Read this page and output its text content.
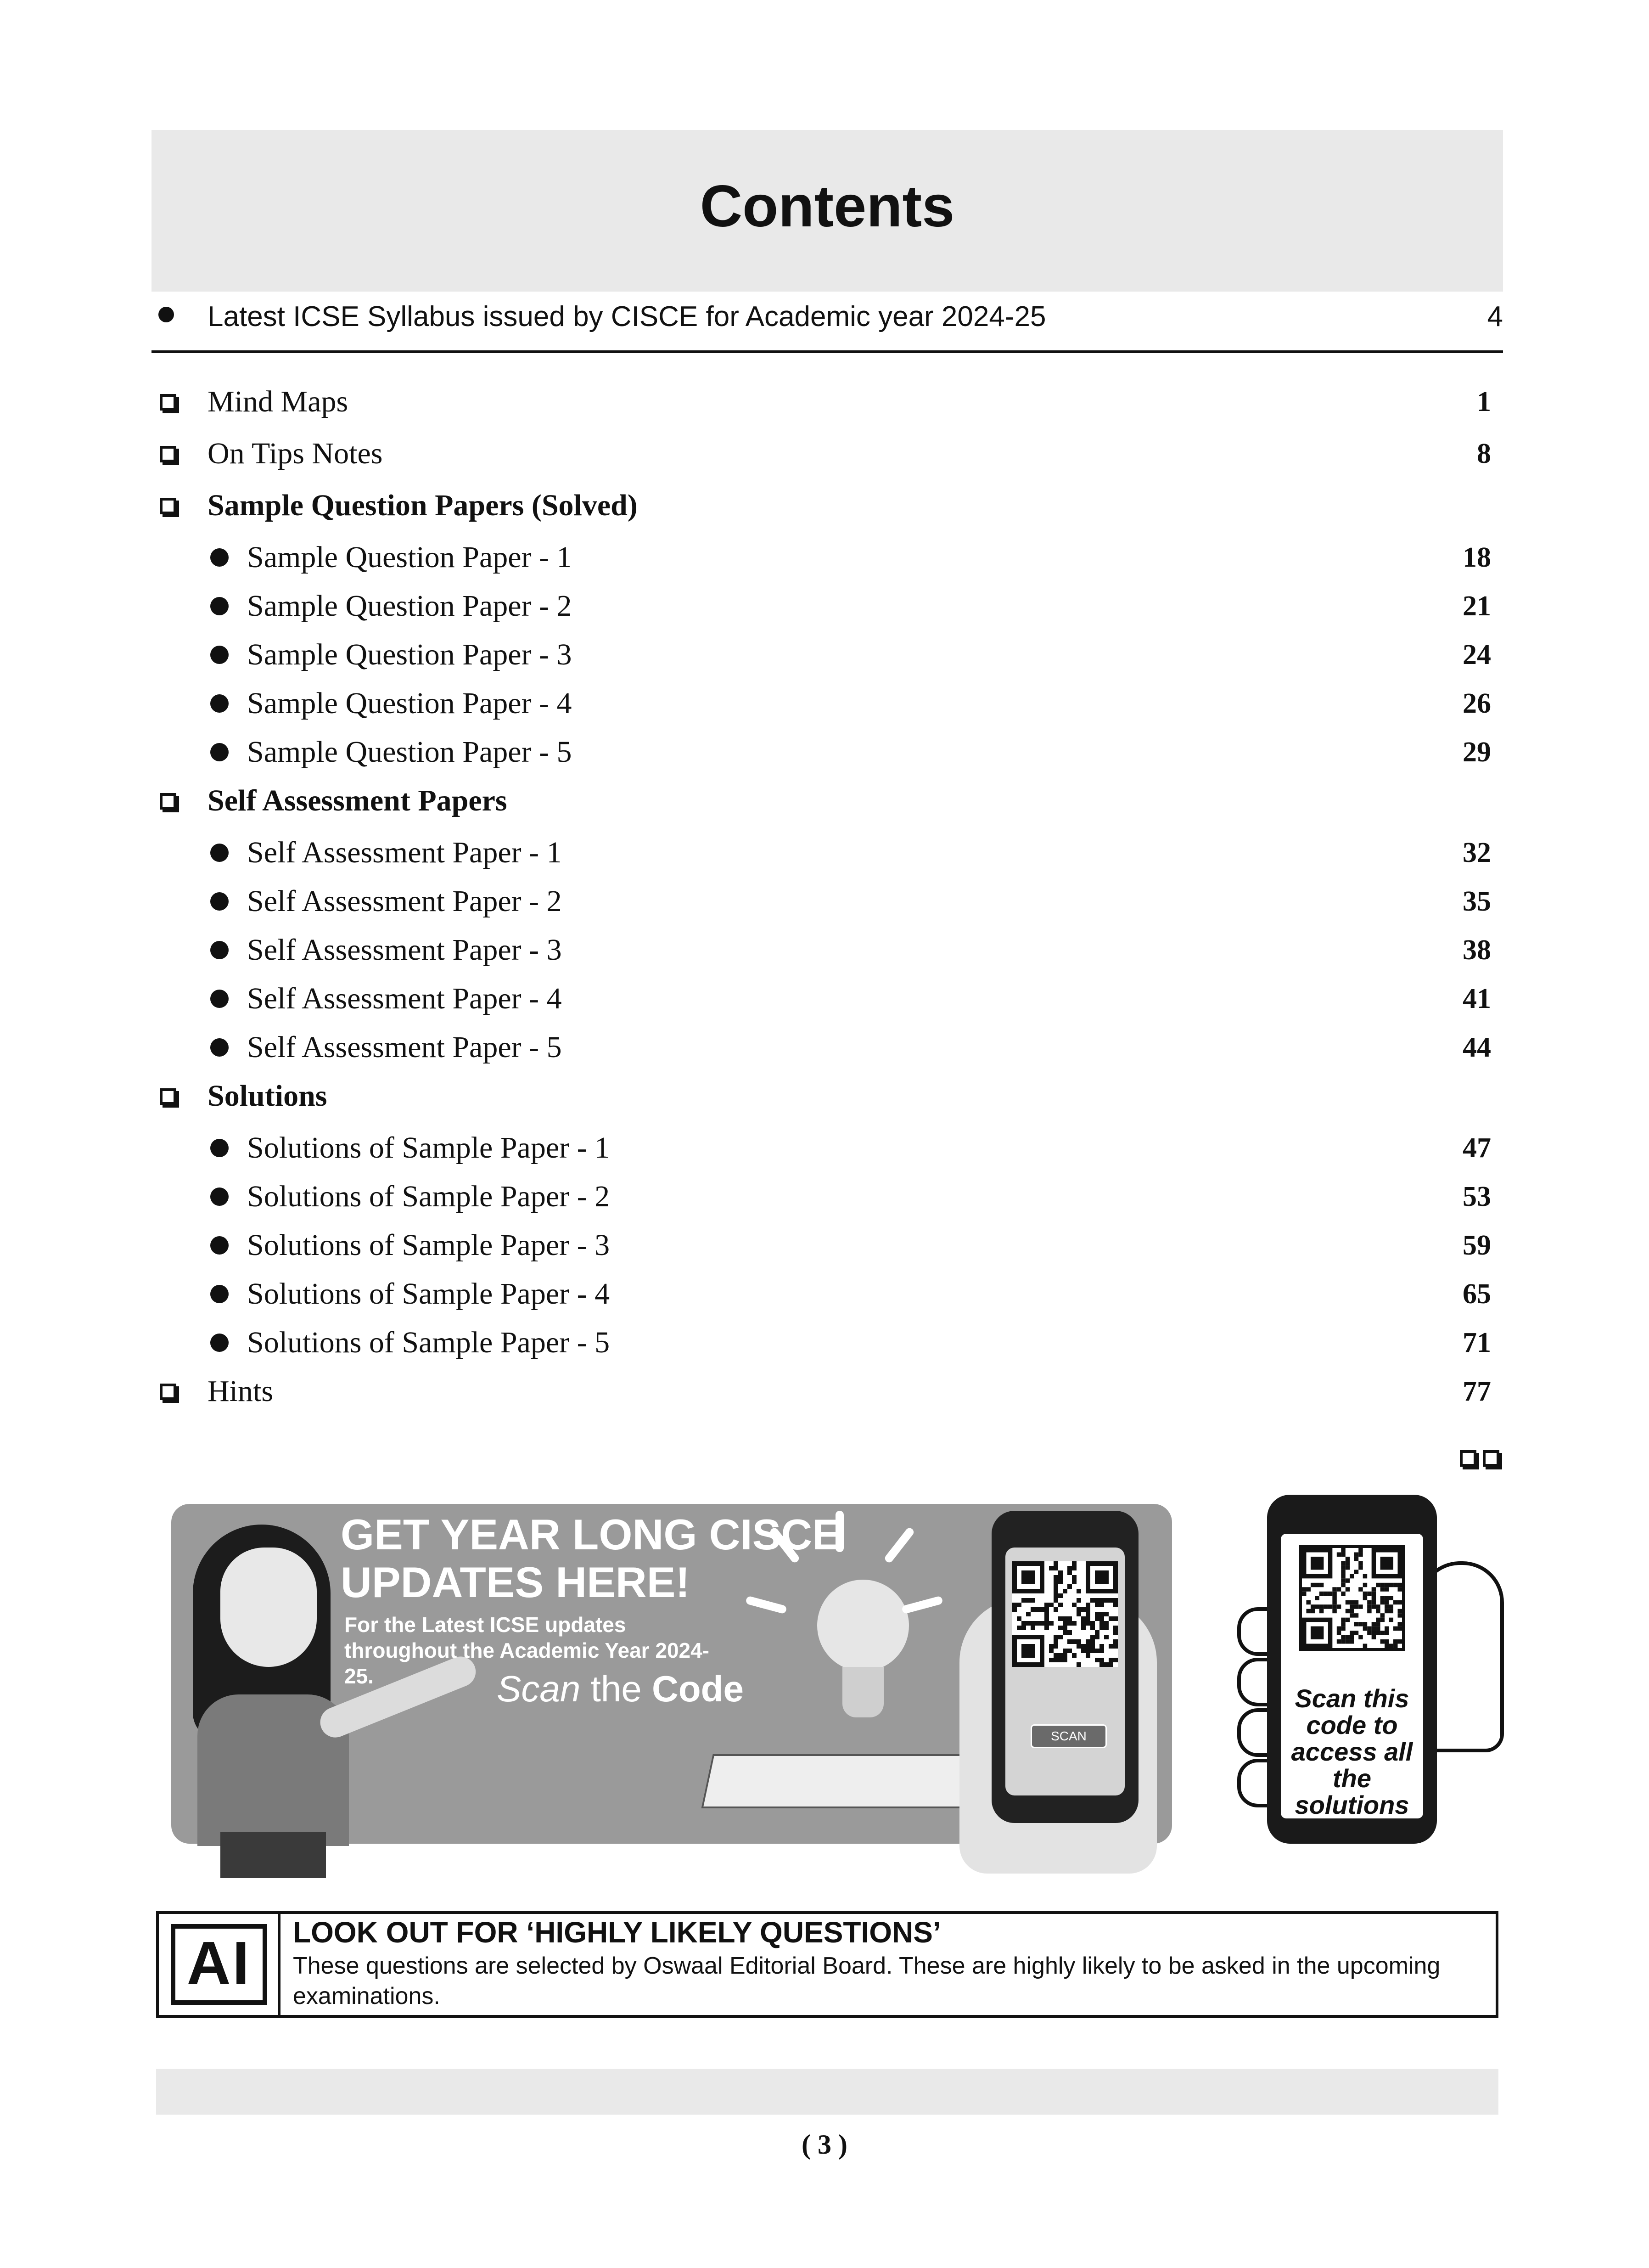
Contents
Latest ICSE Syllabus issued by CISCE for Academic year 2024-25	4
Mind Maps	1
On Tips Notes	8
Sample Question Papers (Solved)
Sample Question Paper - 1	18
Sample Question Paper - 2	21
Sample Question Paper - 3	24
Sample Question Paper - 4	26
Sample Question Paper - 5	29
Self Assessment Papers
Self Assessment Paper - 1	32
Self Assessment Paper - 2	35
Self Assessment Paper - 3	38
Self Assessment Paper - 4	41
Self Assessment Paper - 5	44
Solutions
Solutions of Sample Paper - 1	47
Solutions of Sample Paper - 2	53
Solutions of Sample Paper - 3	59
Solutions of Sample Paper - 4	65
Solutions of Sample Paper - 5	71
Hints	77
GET YEAR LONG CISCE
UPDATES HERE!
For the Latest ICSE updates throughout the Academic Year 2024-25.	Scan the Code
SCAN
Scan this code to access all the solutions
AI	LOOK OUT FOR ‘HIGHLY LIKELY QUESTIONS’
These questions are selected by Oswaal Editorial Board. These are highly likely to be asked in the upcoming examinations.
( 3 )
